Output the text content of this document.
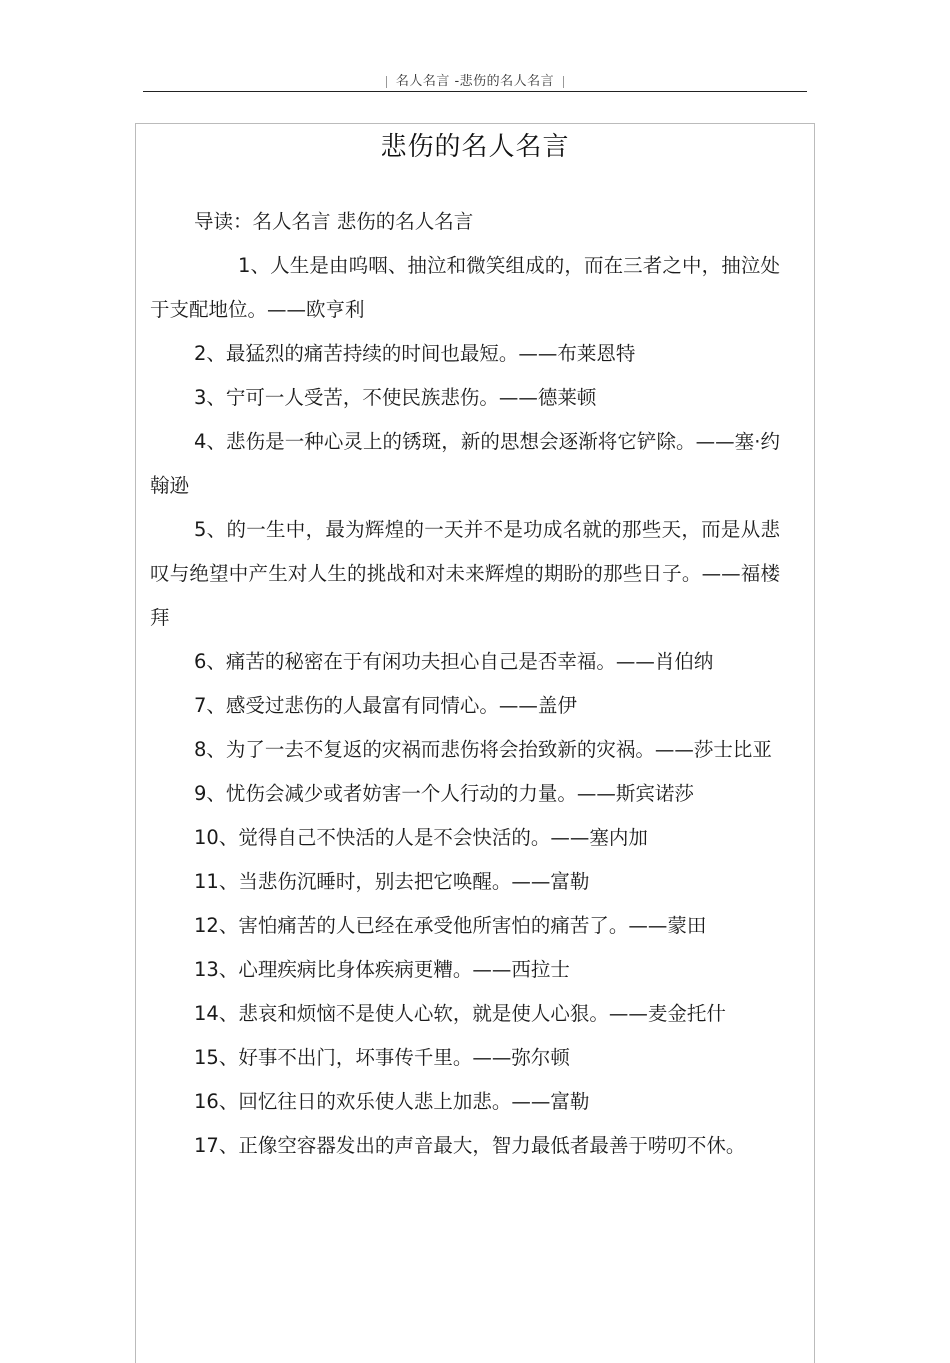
名人名言 -悲伤的名人名言
悲伤的名人名言

导读：名人名言 悲伤的名人名言

1、人生是由呜咽、抽泣和微笑组成的，而在三者之中，抽泣处于支配地位。——欧亨利

2、最猛烈的痛苦持续的时间也最短。——布莱恩特

3、宁可一人受苦，不使民族悲伤。——德莱顿

4、悲伤是一种心灵上的锈斑，新的思想会逐渐将它铲除。——塞·约翰逊

5、的一生中，最为辉煌的一天并不是功成名就的那些天，而是从悲叹与绝望中产生对人生的挑战和对未来辉煌的期盼的那些日子。——福楼拜

6、痛苦的秘密在于有闲功夫担心自己是否幸福。——肖伯纳

7、感受过悲伤的人最富有同情心。——盖伊

8、为了一去不复返的灾祸而悲伤将会抬致新的灾祸。——莎士比亚

9、忧伤会减少或者妨害一个人行动的力量。——斯宾诺莎

10、觉得自己不快活的人是不会快活的。——塞内加

11、当悲伤沉睡时，别去把它唤醒。——富勒

12、害怕痛苦的人已经在承受他所害怕的痛苦了。——蒙田

13、心理疾病比身体疾病更糟。——西拉士

14、悲哀和烦恼不是使人心软，就是使人心狠。——麦金托什

15、好事不出门，坏事传千里。——弥尔顿

16、回忆往日的欢乐使人悲上加悲。——富勒

17、正像空容器发出的声音最大，智力最低者最善于唠叨不休。
